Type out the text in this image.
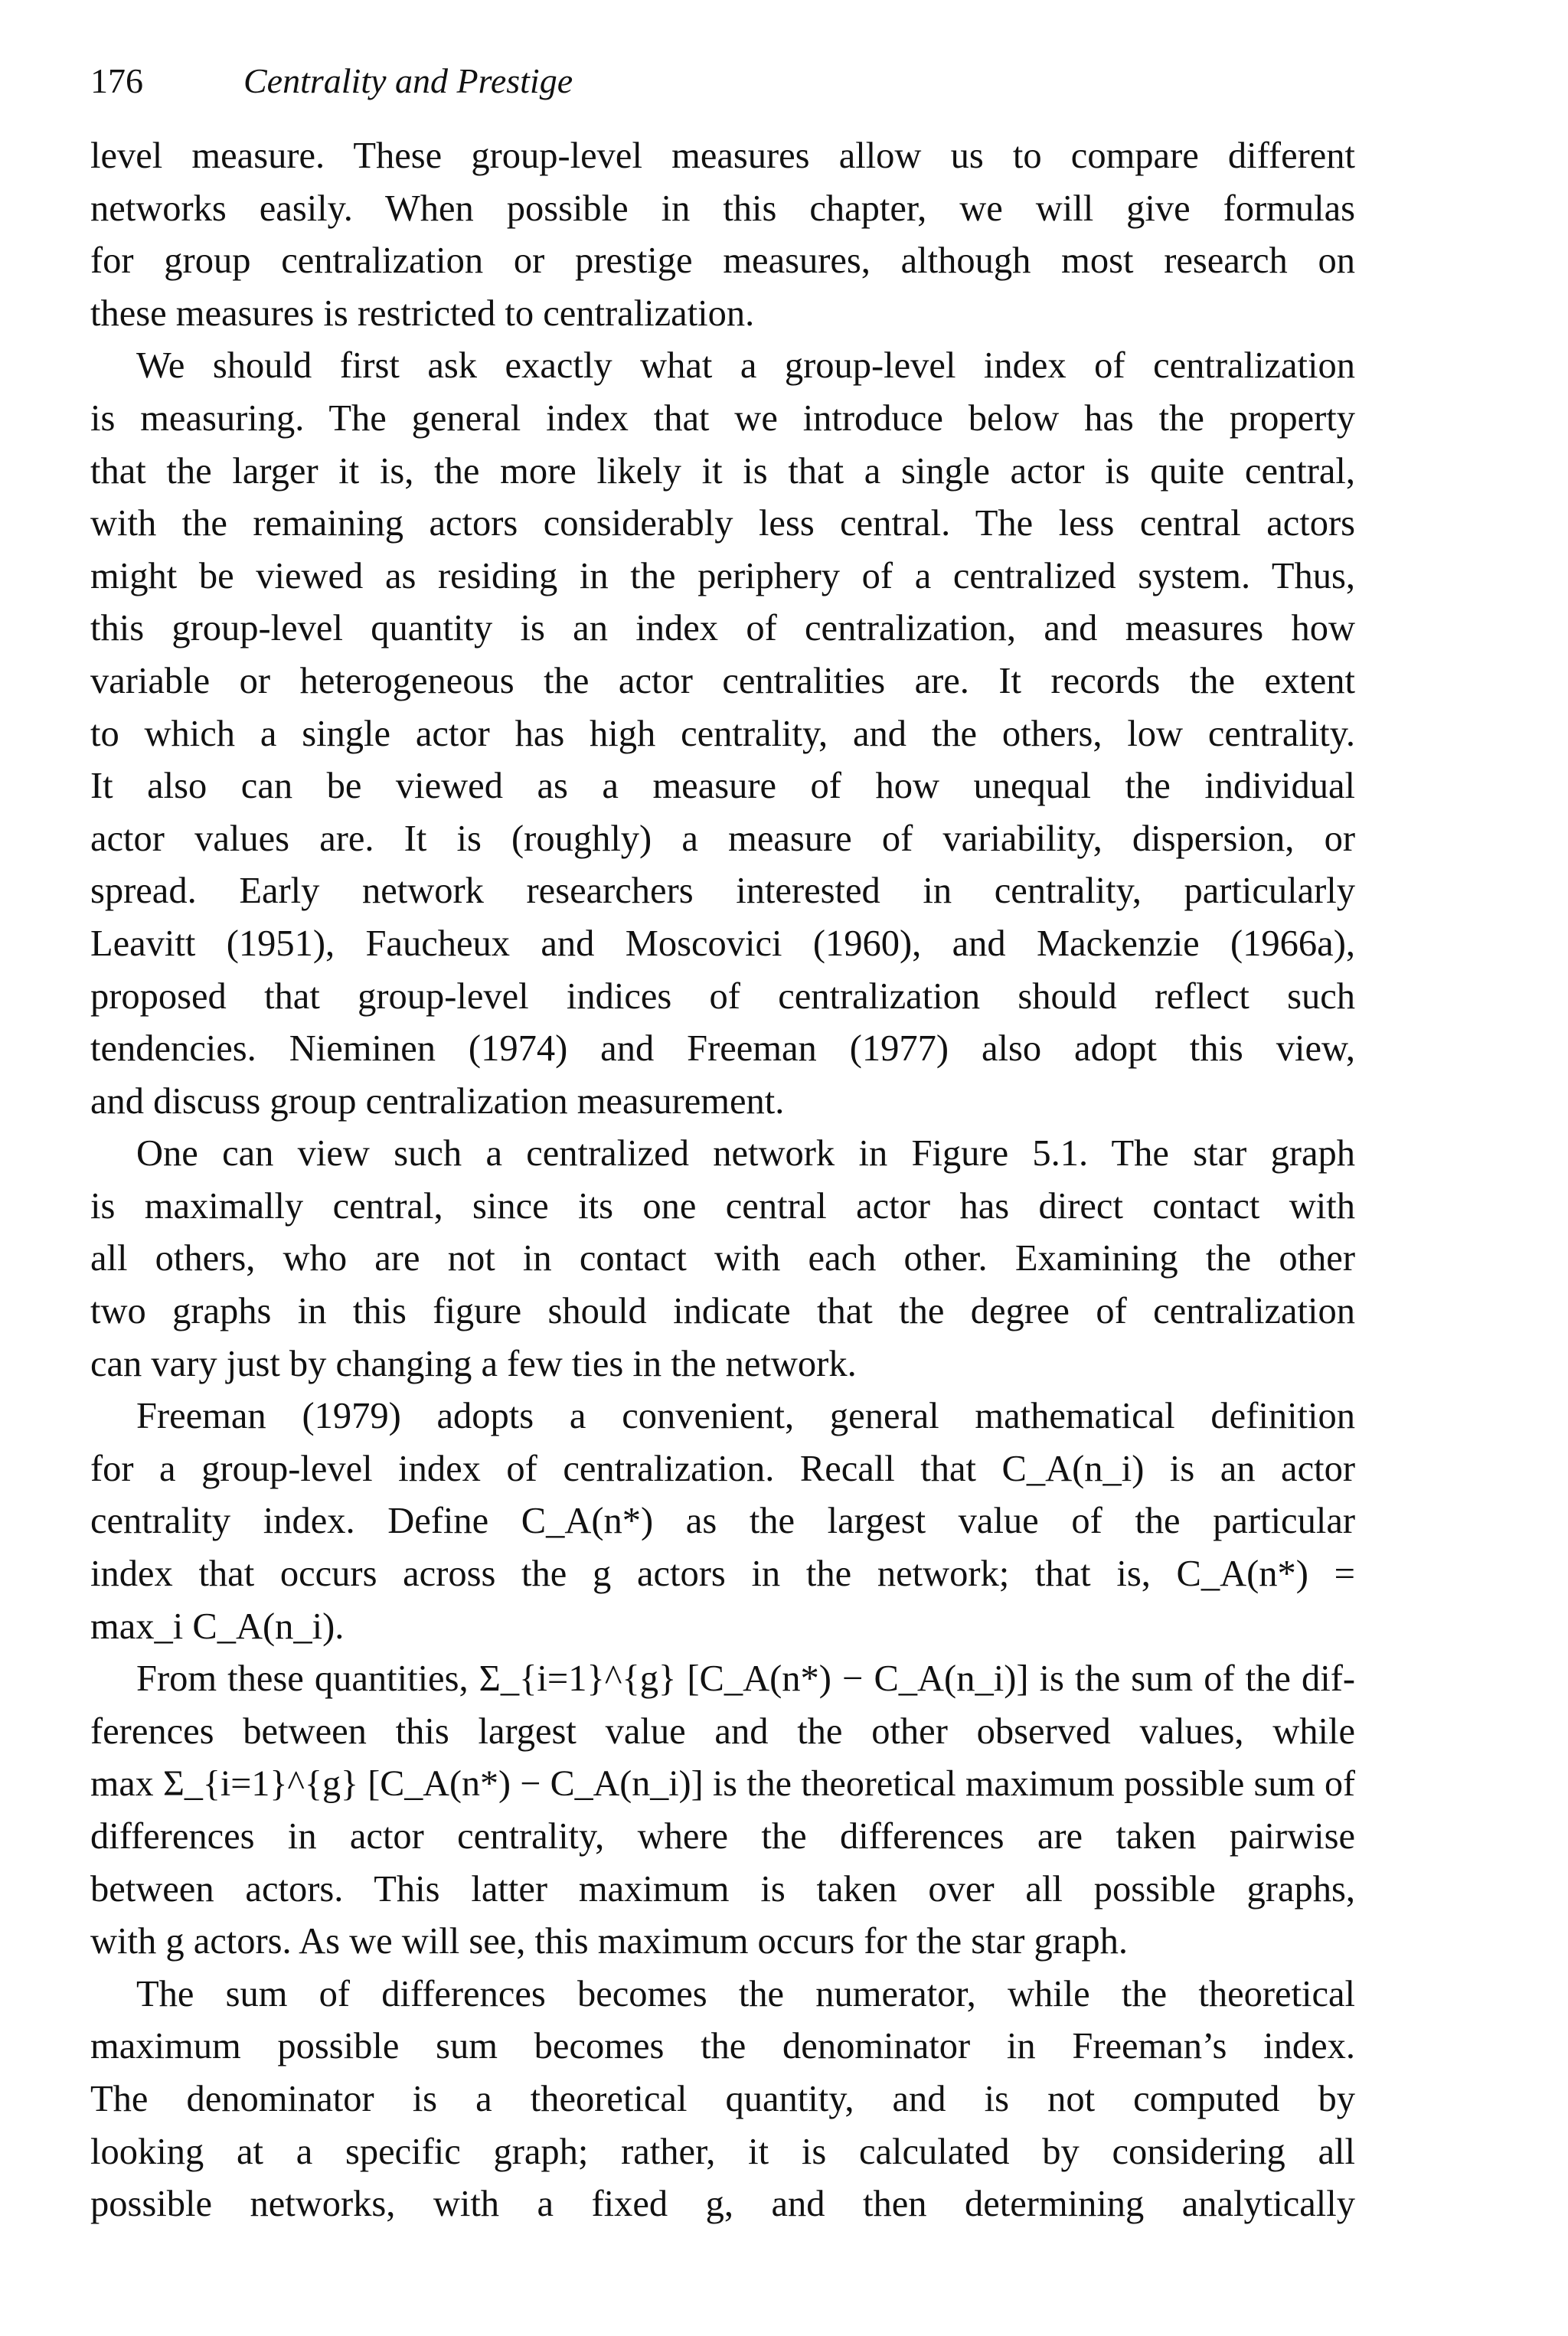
176	Centrality and Prestige
level measure. These group-level measures allow us to compare different
networks easily. When possible in this chapter, we will give formulas
for group centralization or prestige measures, although most research on
these measures is restricted to centralization.
We should first ask exactly what a group-level index of centralization
is measuring. The general index that we introduce below has the property
that the larger it is, the more likely it is that a single actor is quite central,
with the remaining actors considerably less central. The less central actors
might be viewed as residing in the periphery of a centralized system. Thus,
this group-level quantity is an index of centralization, and measures how
variable or heterogeneous the actor centralities are. It records the extent
to which a single actor has high centrality, and the others, low centrality.
It also can be viewed as a measure of how unequal the individual
actor values are. It is (roughly) a measure of variability, dispersion, or
spread. Early network researchers interested in centrality, particularly
Leavitt (1951), Faucheux and Moscovici (1960), and Mackenzie (1966a),
proposed that group-level indices of centralization should reflect such
tendencies. Nieminen (1974) and Freeman (1977) also adopt this view,
and discuss group centralization measurement.
One can view such a centralized network in Figure 5.1. The star graph
is maximally central, since its one central actor has direct contact with
all others, who are not in contact with each other. Examining the other
two graphs in this figure should indicate that the degree of centralization
can vary just by changing a few ties in the network.
Freeman (1979) adopts a convenient, general mathematical definition
for a group-level index of centralization. Recall that C_A(n_i) is an actor
centrality index. Define C_A(n*) as the largest value of the particular
index that occurs across the g actors in the network; that is, C_A(n*) =
max_i C_A(n_i).
From these quantities, Σ_{i=1}^{g} [C_A(n*) − C_A(n_i)] is the sum of the dif-
ferences between this largest value and the other observed values, while
max Σ_{i=1}^{g} [C_A(n*) − C_A(n_i)] is the theoretical maximum possible sum of
differences in actor centrality, where the differences are taken pairwise
between actors. This latter maximum is taken over all possible graphs,
with g actors. As we will see, this maximum occurs for the star graph.
The sum of differences becomes the numerator, while the theoretical
maximum possible sum becomes the denominator in Freeman’s index.
The denominator is a theoretical quantity, and is not computed by
looking at a specific graph; rather, it is calculated by considering all
possible networks, with a fixed g, and then determining analytically
